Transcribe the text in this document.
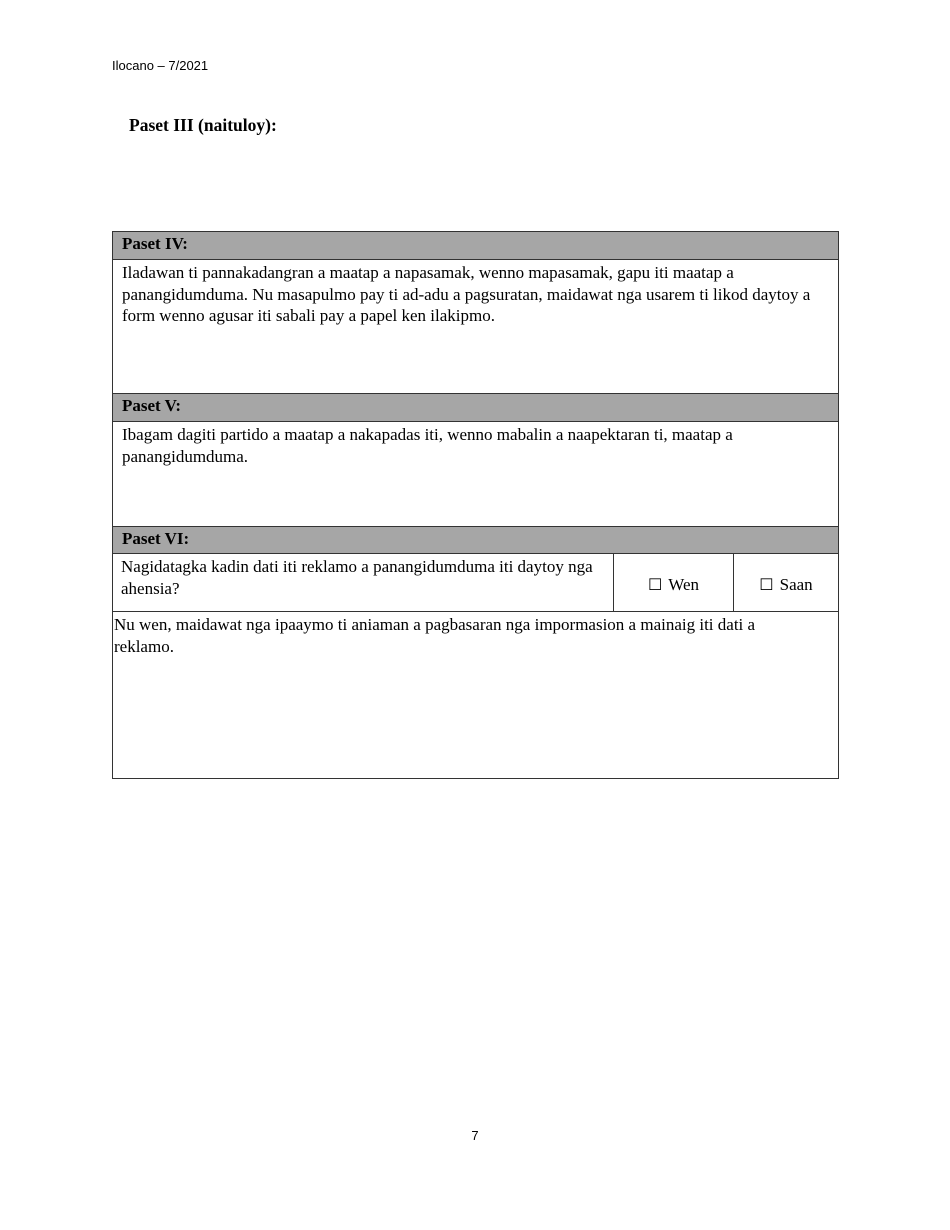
Ilocano – 7/2021
Paset III (naituloy):
Paset IV:
Iladawan ti pannakadangran a maatap a napasamak, wenno mapasamak, gapu iti maatap a panangidumduma. Nu masapulmo pay ti ad-adu a pagsuratan, maidawat nga usarem ti likod daytoy a form wenno agusar iti sabali pay a papel ken ilakipmo.
Paset V:
Ibagam dagiti partido a maatap a nakapadas iti, wenno mabalin a naapektaran ti, maatap a panangidumduma.
Paset VI:
Nagidatagka kadin dati iti reklamo a panangidumduma iti daytoy nga ahensia?	☐ Wen	☐ Saan
Nu wen, maidawat nga ipaaymo ti aniaman a pagbasaran nga impormasion a mainaig iti dati a reklamo.
7
